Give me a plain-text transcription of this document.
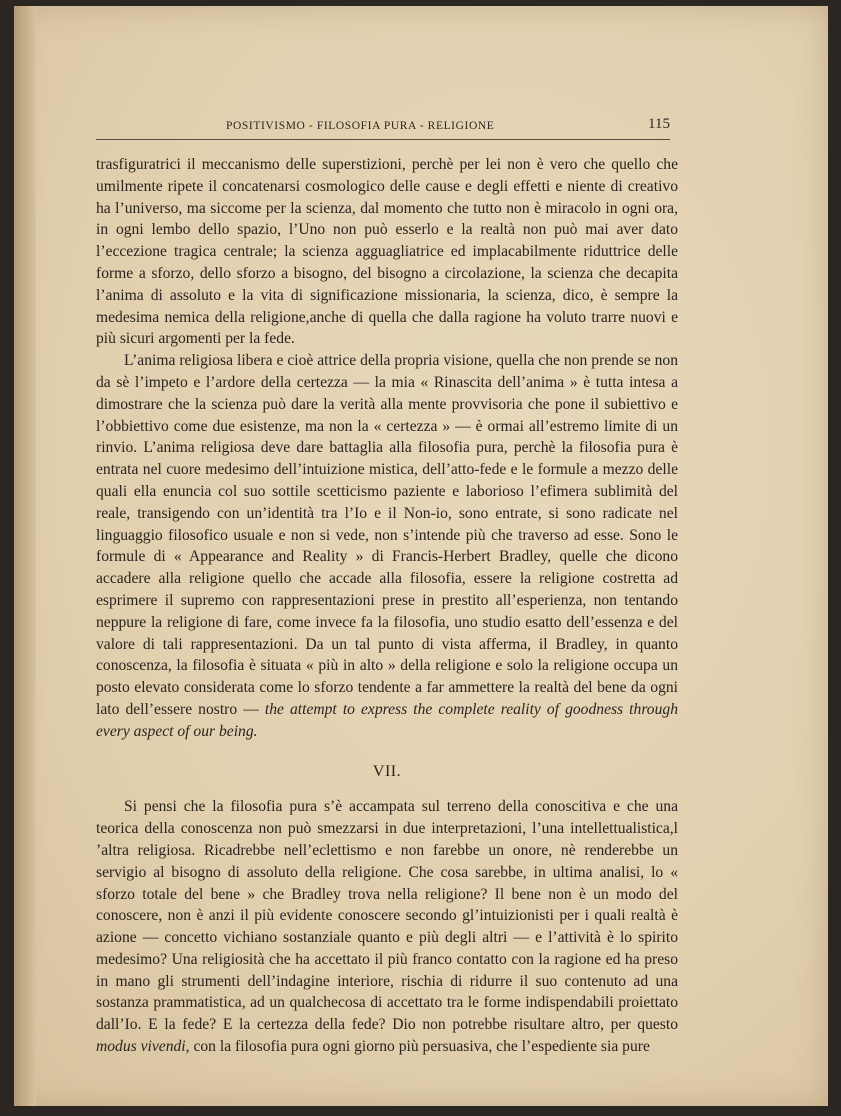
POSITIVISMO - FILOSOFIA PURA - RELIGIONE	115

trasfiguratrici il meccanismo delle superstizioni, perchè per lei non è vero che quello che umilmente ripete il concatenarsi cosmologico delle cause e degli effetti e niente di creativo ha l’universo, ma siccome per la scienza, dal momento che tutto non è miracolo in ogni ora, in ogni lembo dello spazio, l’Uno non può esserlo e la realtà non può mai aver dato l’eccezione tragica centrale; la scienza agguagliatrice ed implacabilmente riduttrice delle forme a sforzo, dello sforzo a bisogno, del bisogno a circolazione, la scienza che decapita l’anima di assoluto e la vita di significazione missionaria, la scienza, dico, è sempre la medesima nemica della religione,anche di quella che dalla ragione ha voluto trarre nuovi e più sicuri argomenti per la fede.

L’anima religiosa libera e cioè attrice della propria visione, quella che non prende se non da sè l’impeto e l’ardore della certezza — la mia « Rinascita dell’anima » è tutta intesa a dimostrare che la scienza può dare la verità alla mente provvisoria che pone il subiettivo e l’obbiettivo come due esistenze, ma non la « certezza » — è ormai all’estremo limite di un rinvio. L’anima religiosa deve dare battaglia alla filosofia pura, perchè la filosofia pura è entrata nel cuore medesimo dell’intuizione mistica, dell’atto-fede e le formule a mezzo delle quali ella enuncia col suo sottile scetticismo paziente e laborioso l’efimera sublimità del reale, transigendo con un’identità tra l’Io e il Non-io, sono entrate, si sono radicate nel linguaggio filosofico usuale e non si vede, non s’intende più che traverso ad esse. Sono le formule di « Appearance and Reality » di Francis-Herbert Bradley, quelle che dicono accadere alla religione quello che accade alla filosofia, essere la religione costretta ad esprimere il supremo con rappresentazioni prese in prestito all’esperienza, non tentando neppure la religione di fare, come invece fa la filosofia, uno studio esatto dell’essenza e del valore di tali rappresentazioni. Da un tal punto di vista afferma, il Bradley, in quanto conoscenza, la filosofia è situata « più in alto » della religione e solo la religione occupa un posto elevato considerata come lo sforzo tendente a far ammettere la realtà del bene da ogni lato dell’essere nostro — the attempt to express the complete reality of goodness through every aspect of our being.

VII.

Si pensi che la filosofia pura s’è accampata sul terreno della conoscitiva e che una teorica della conoscenza non può smezzarsi in due interpretazioni, l’una intellettualistica,l ’altra religiosa. Ricadrebbe nell’eclettismo e non farebbe un onore, nè renderebbe un servigio al bisogno di assoluto della religione. Che cosa sarebbe, in ultima analisi, lo « sforzo totale del bene » che Bradley trova nella religione? Il bene non è un modo del conoscere, non è anzi il più evidente conoscere secondo gl’intuizionisti per i quali realtà è azione — concetto vichiano sostanziale quanto e più degli altri — e l’attività è lo spirito medesimo? Una religiosità che ha accettato il più franco contatto con la ragione ed ha preso in mano gli strumenti dell’indagine interiore, rischia di ridurre il suo contenuto ad una sostanza prammatistica, ad un qualchecosa di accettato tra le forme indispendabili proiettato dall’Io. E la fede? E la certezza della fede? Dio non potrebbe risultare altro, per questo modus vivendi, con la filosofia pura ogni giorno più persuasiva, che l’espediente sia pure
